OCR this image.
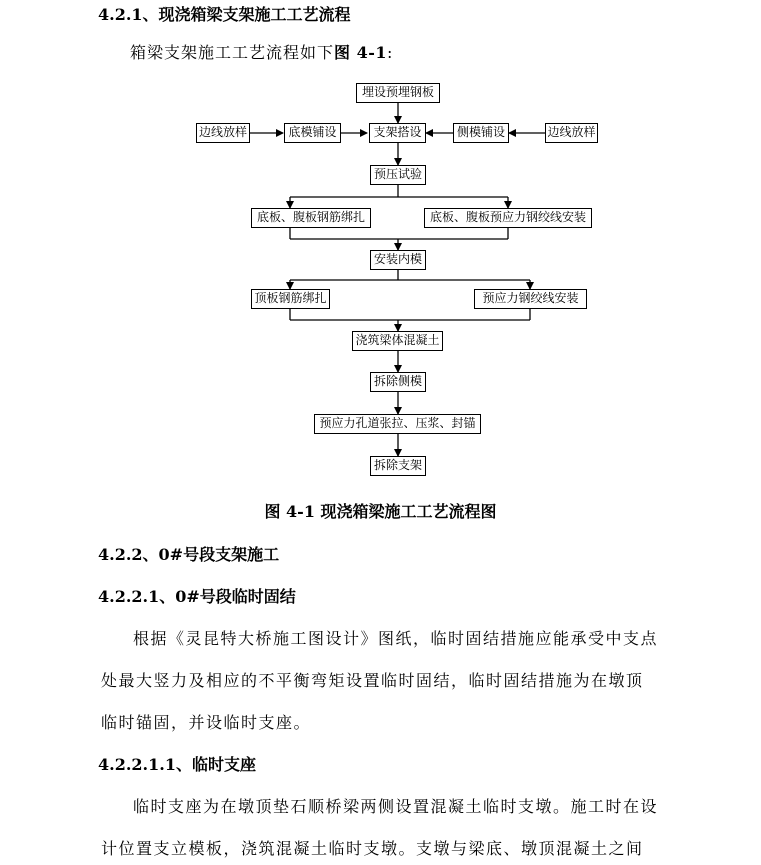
4.2.1、现浇箱梁支架施工工艺流程
箱梁支架施工工艺流程如下图 4-1:
埋设预埋钢板
边线放样	底模铺设	支架搭设	侧模铺设	边线放样
预压试验
底板、腹板钢筋绑扎	底板、腹板预应力钢绞线安装
安装内模
顶板钢筋绑扎	预应力钢绞线安装
浇筑梁体混凝土
拆除侧模
预应力孔道张拉、压浆、封锚
拆除支架
图 4-1 现浇箱梁施工工艺流程图
4.2.2、0#号段支架施工
4.2.2.1、0#号段临时固结
根据《灵昆特大桥施工图设计》图纸，临时固结措施应能承受中支点
处最大竖力及相应的不平衡弯矩设置临时固结，临时固结措施为在墩顶
临时锚固，并设临时支座。
4.2.2.1.1、临时支座
临时支座为在墩顶垫石顺桥梁两侧设置混凝土临时支墩。施工时在设
计位置支立模板，浇筑混凝土临时支墩。支墩与梁底、墩顶混凝土之间
